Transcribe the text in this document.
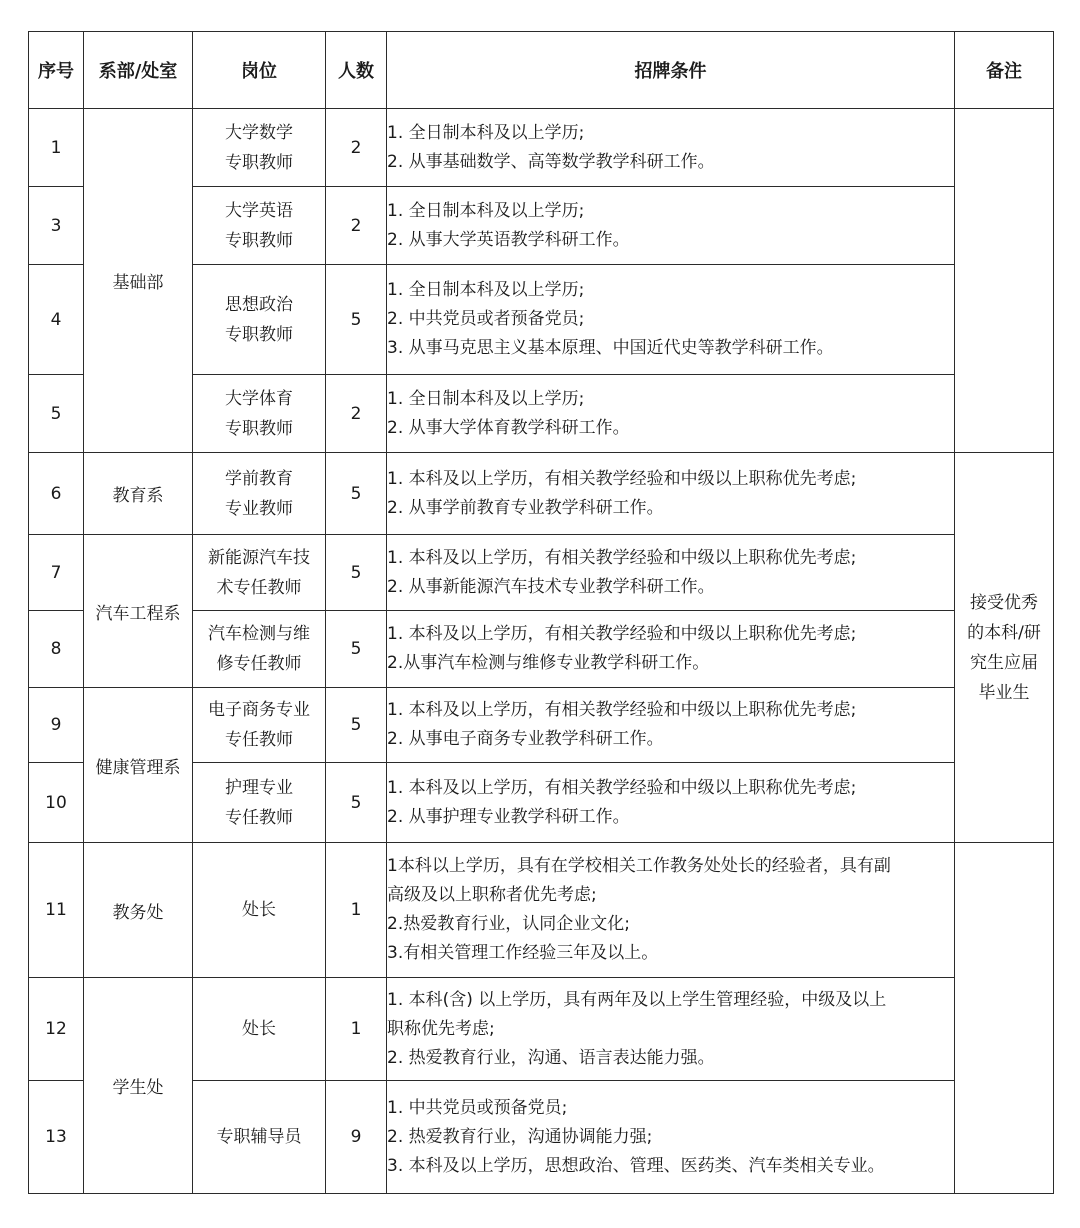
序号	系部/处室	岗位	人数	招牌条件	备注
1	基础部	大学数学
专职教师	2	1. 全日制本科及以上学历;
2. 从事基础数学、高等数学教学科研工作。	

3		大学英语
专职教师	2	1. 全日制本科及以上学历;
2. 从事大学英语教学科研工作。	

4		思想政治
专职教师	5	1. 全日制本科及以上学历;
2. 中共党员或者预备党员;
3. 从事马克思主义基本原理、中国近代史等教学科研工作。	

5		大学体育
专职教师	2	1. 全日制本科及以上学历;
2. 从事大学体育教学科研工作。	

6	教育系	学前教育
专业教师	5	1. 本科及以上学历，有相关教学经验和中级以上职称优先考虑;
2. 从事学前教育专业教学科研工作。	接受优秀
的本科/研
究生应届
毕业生

7	汽车工程系	新能源汽车技
术专任教师	5	1. 本科及以上学历，有相关教学经验和中级以上职称优先考虑;
2. 从事新能源汽车技术专业教学科研工作。	

8		汽车检测与维
修专任教师	5	1. 本科及以上学历，有相关教学经验和中级以上职称优先考虑;
2.从事汽车检测与维修专业教学科研工作。	

9	健康管理系	电子商务专业
专任教师	5	1. 本科及以上学历，有相关教学经验和中级以上职称优先考虑;
2. 从事电子商务专业教学科研工作。	

10		护理专业
专任教师	5	1. 本科及以上学历，有相关教学经验和中级以上职称优先考虑;
2. 从事护理专业教学科研工作。	

11	教务处	处长	1	1本科以上学历，具有在学校相关工作教务处处长的经验者，具有副
高级及以上职称者优先考虑;
2.热爱教育行业，认同企业文化;
3.有相关管理工作经验三年及以上。	

12	学生处	处长	1	1. 本科(含) 以上学历，具有两年及以上学生管理经验，中级及以上
职称优先考虑;
2. 热爱教育行业，沟通、语言表达能力强。	

13		专职辅导员	9	1. 中共党员或预备党员;
2. 热爱教育行业，沟通协调能力强;
3. 本科及以上学历，思想政治、管理、医药类、汽车类相关专业。	
